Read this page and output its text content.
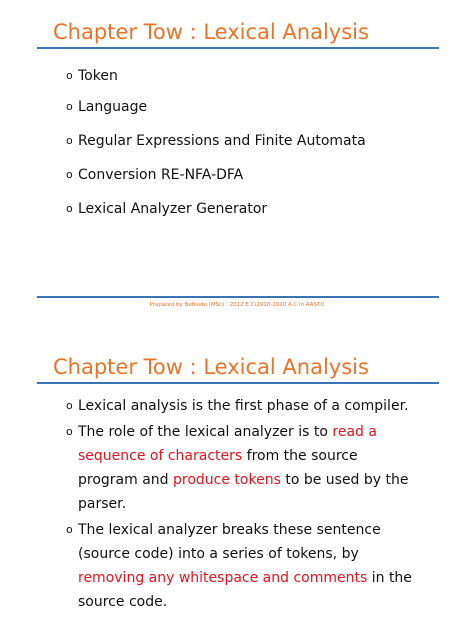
Chapter Tow : Lexical Analysis
o Token
o Language
o Regular Expressions and Finite Automata
o Conversion RE-NFA-DFA
o Lexical Analyzer Generator
Prepared by Befkadu (MSc) : 2012 E.C\2018-2020 A.C in AASTU
Chapter Tow : Lexical Analysis
o Lexical analysis is the first phase of a compiler.
o The role of the lexical analyzer is to read a
sequence of characters from the source
program and produce tokens to be used by the
parser.
o The lexical analyzer breaks these sentence
(source code) into a series of tokens, by
removing any whitespace and comments in the
source code.
